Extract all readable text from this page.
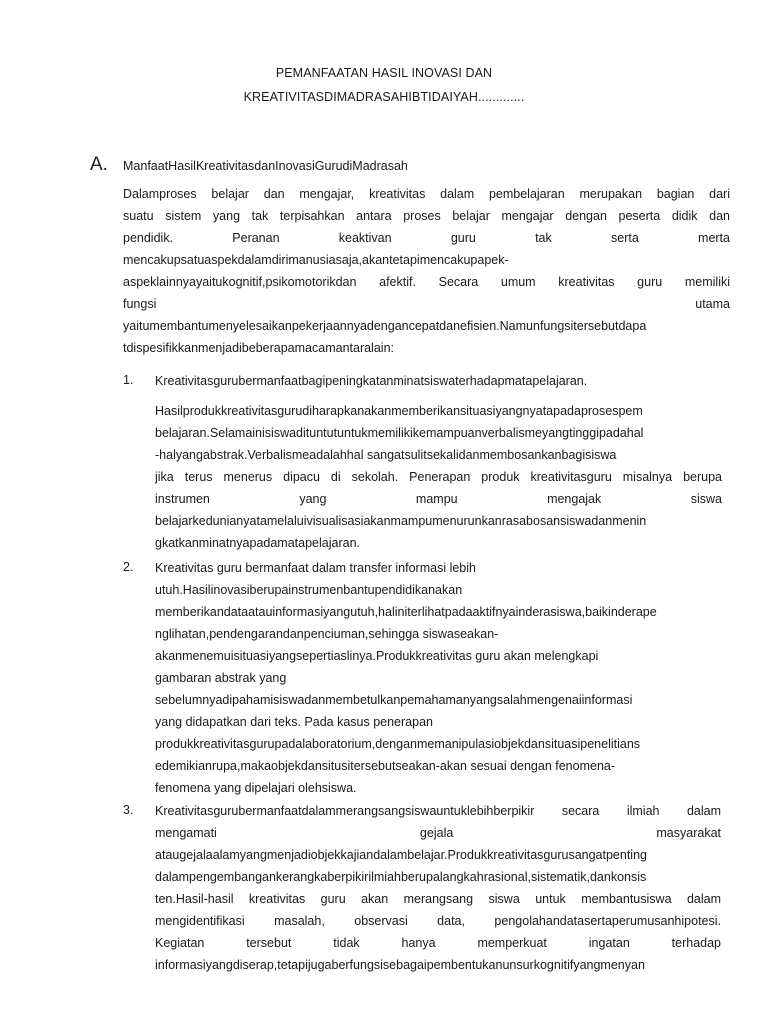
PEMANFAATAN HASIL INOVASI DAN
KREATIVITASDIMADRASAHIBTIDAIYAH.............
A. ManfaatHasilKreativitasdanInovasiGurudiMadrasah
Dalamproses belajar dan mengajar, kreativitas dalam pembelajaran merupakan bagian dari
suatu sistem yang tak terpisahkan antara proses belajar mengajar dengan peserta didik dan
pendidik. Peranan keaktivan guru tak serta merta
mencakupsatuaspekdalamdirimanusiasaja,akantetapimencakupapek-
aspeklainnyayaitukognitif,psikomotorikdan afektif. Secara umum kreativitas guru memiliki
fungsi utama
yaitumembantumenyelesaikanpekerjaannyadengancepatdanefisien.Namunfungsitersebutdapa
tdispesifikkanmenjadibeberapamacamantaralain:
1. Kreativitasgurubermanfaatbagipeningkatanminatsiswaterhadapmatapelajaran.
Hasilprodukkreativitasgurudiharapkanakanmemberikansituasiyangnyatapadaprosespem
belajaran.Selamainisiswadituntutuntukmemilikikemampuanverbalismeyangtinggipadahal
-halyangabstrak.Verbalismeadalahhal sangatsulitsekalidanmembosankanbagisiswa
jika terus menerus dipacu di sekolah. Penerapan produk kreativitasguru misalnya berupa
instrumen yang mampu mengajak siswa
belajarkedunianyatamelaluivisualisasiakanmampumenurunkanrasabosansiswadanmenin
gkatkanminatnyapadamatapelajaran.
2. Kreativitas guru bermanfaat dalam transfer informasi lebih
utuh.Hasilinovasiberupainstrumenbantupendidikanakan
memberikandataatauinformasiyangutuh,haliniterlihatpadaaktifnyainderasiswa,baikinderape
nglihatan,pendengarandanpenciuman,sehingga siswaseakan-
akanmenemuisituasiyangsepertiaslinya.Produkkreativitas guru akan melengkapi
gambaran abstrak yang
sebelumnyadipahamisiswadanmembetulkanpemahamanyangsalahmengenaiinformasi
yang didapatkan dari teks. Pada kasus penerapan
produkkreativitasgurupadalaboratorium,denganmemanipulasiobjekdansituasipenelitians
edemikianrupa,makaobjekdansitusitersebutseakan-akan sesuai dengan fenomena-
fenomena yang dipelajari olehsiswa.
3. Kreativitasgurubermanfaatdalammerangsangsiswauntuklebihberpikir secara ilmiah dalam
mengamati gejala masyarakat
ataugejalaalamyangmenjadiobjekkajiandalambelajar.Produkkreativitasgurusangatpenting
dalampengembangankerangkaberpikirilmiahberupalangkahrasional,sistematik,dankonsis
ten.Hasil-hasil kreativitas guru akan merangsang siswa untuk membantusiswa dalam
mengidentifikasi masalah, observasi data, pengolahandatasertaperumusanhipotesi.
Kegiatan tersebut tidak hanya memperkuat ingatan terhadap
informasiyangdiserap,tetapijugaberfungsisebagaipembentukanunsurkognitifyangmenyan
